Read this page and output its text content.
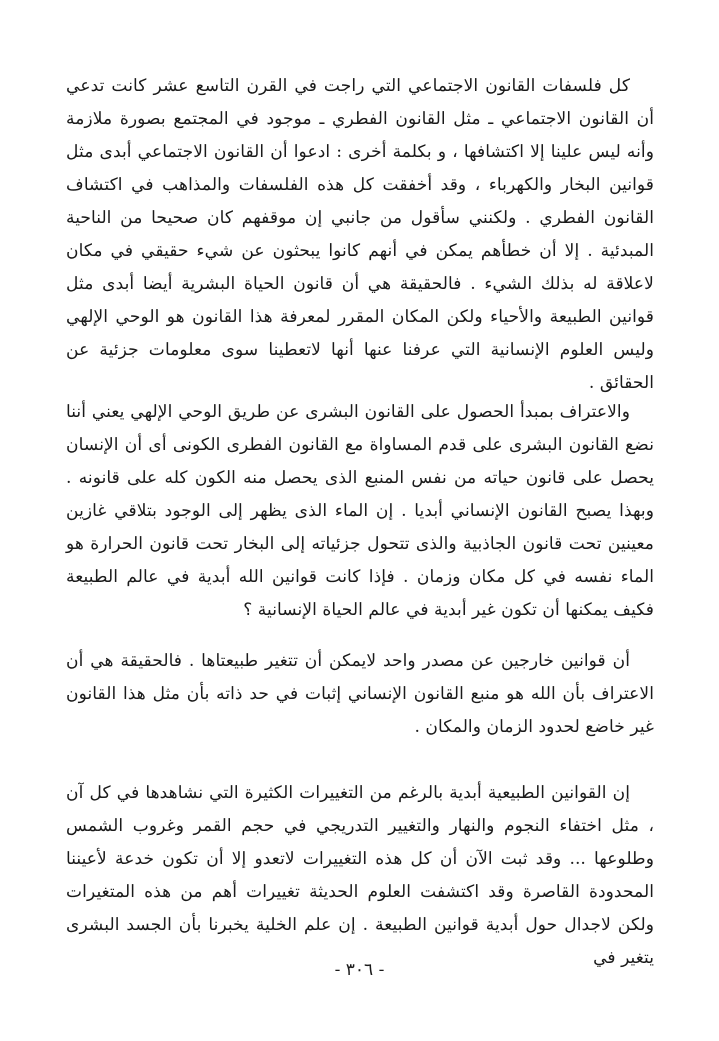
كل فلسفات القانون الاجتماعي التي راجت في القرن التاسع عشر كانت تدعي أن القانون الاجتماعي ـ مثل القانون الفطري ـ موجود في المجتمع بصورة ملازمة وأنه ليس علينا إلا اكتشافها ، و بكلمة أخرى : ادعوا أن القانون الاجتماعي أبدى مثل قوانين البخار والكهرباء ، وقد أخفقت كل هذه الفلسفات والمذاهب في اكتشاف القانون الفطري . ولكنني سأقول من جانبي إن موقفهم كان صحيحا من الناحية المبدئية . إلا أن خطأهم يمكن في أنهم كانوا يبحثون عن شيء حقيقي في مكان لاعلاقة له بذلك الشيء . فالحقيقة هي أن قانون الحياة البشرية أيضا أبدى مثل قوانين الطبيعة والأحياء ولكن المكان المقرر لمعرفة هذا القانون هو الوحي الإلهي وليس العلوم الإنسانية التي عرفنا عنها أنها لاتعطينا سوى معلومات جزئية عن الحقائق .

والاعتراف بمبدأ الحصول على القانون البشرى عن طريق الوحي الإلهي يعني أننا نضع القانون البشرى على قدم المساواة مع القانون الفطرى الكونى أى أن الإنسان يحصل على قانون حياته من نفس المنبع الذى يحصل منه الكون كله على قانونه . وبهذا يصبح القانون الإنساني أبديا . إن الماء الذى يظهر إلى الوجود بتلاقي غازين معينين تحت قانون الجاذبية والذى تتحول جزئياته إلى البخار تحت قانون الحرارة هو الماء نفسه في كل مكان وزمان . فإذا كانت قوانين الله أبدية في عالم الطبيعة فكيف يمكنها أن تكون غير أبدية في عالم الحياة الإنسانية ؟

أن قوانين خارجين عن مصدر واحد لايمكن أن تتغير طبيعتاها . فالحقيقة هي أن الاعتراف بأن الله هو منبع القانون الإنساني إثبات في حد ذاته بأن مثل هذا القانون غير خاضع لحدود الزمان والمكان .

إن القوانين الطبيعية أبدية بالرغم من التغييرات الكثيرة التي نشاهدها في كل آن ، مثل اختفاء النجوم والنهار والتغيير التدريجي في حجم القمر وغروب الشمس وطلوعها ... وقد ثبت الآن أن كل هذه التغييرات لاتعدو إلا أن تكون خدعة لأعيننا المحدودة القاصرة وقد اكتشفت العلوم الحديثة تغييرات أهم من هذه المتغيرات ولكن لاجدال حول أبدية قوانين الطبيعة . إن علم الخلية يخبرنا بأن الجسد البشرى يتغير في

- ٣٠٦ -
